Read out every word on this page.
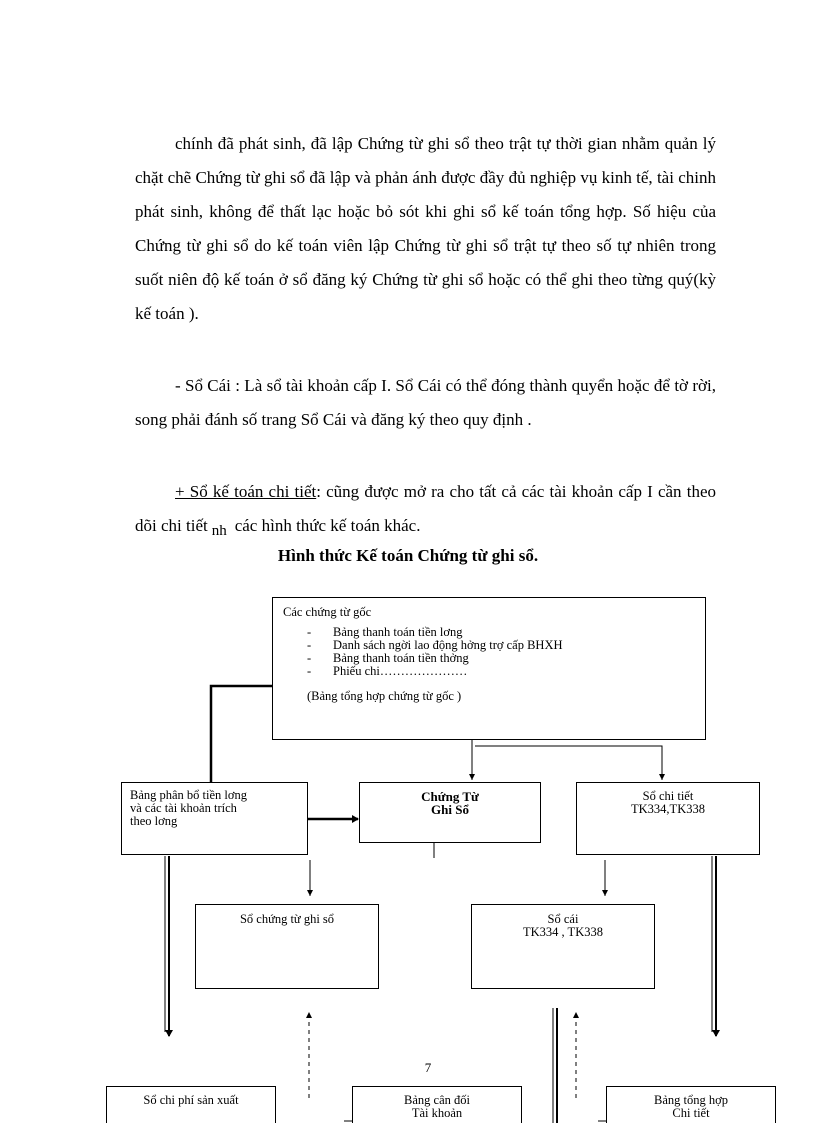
chính đã phát sinh, đã lập Chứng từ ghi sổ theo trật tự thời gian nhằm quản lý chặt chẽ Chứng từ ghi sổ đã lập và phản ánh được đầy đủ nghiệp vụ kinh tế, tài chinh phát sinh, không để thất lạc hoặc bỏ sót khi ghi sổ kế toán tổng hợp. Số hiệu của Chứng từ ghi sổ do kế toán viên lập Chứng từ ghi sổ trật tự theo số tự nhiên trong suốt niên độ kế toán ở sổ đăng ký Chứng từ ghi sổ hoặc có thể ghi theo từng quý(kỳ kế toán ).

- Sổ Cái : Là sổ tài khoản cấp I. Sổ Cái có thể đóng thành quyển hoặc để tờ rời, song phải đánh số trang Sổ Cái và đăng ký theo quy định .

+ Sổ kế toán chi tiết: cũng được mở ra cho tất cả các tài khoản cấp I cần theo dõi chi tiết nh các hình thức kế toán khác.

Hình thức Kế toán Chứng từ ghi sổ.

Các chứng từ gốc
- Bảng thanh toán tiền lơng
- Danh sách ngời lao động hởng trợ cấp BHXH
- Bảng thanh toán tiền thởng
- Phiếu chi…………………
(Bảng tổng hợp chứng từ gốc )
Bảng phân bổ tiền lơng
và các tài khoản trích
theo lơng
Chứng Từ
Ghi Sổ
Sổ chi tiết
TK334,TK338
Sổ chứng từ ghi sổ	Sổ cái
TK334 , TK338
Sổ chi phí sản xuất	Bảng cân đối
Tài khoản
Bảng tổng hợp
Chi tiết
7
